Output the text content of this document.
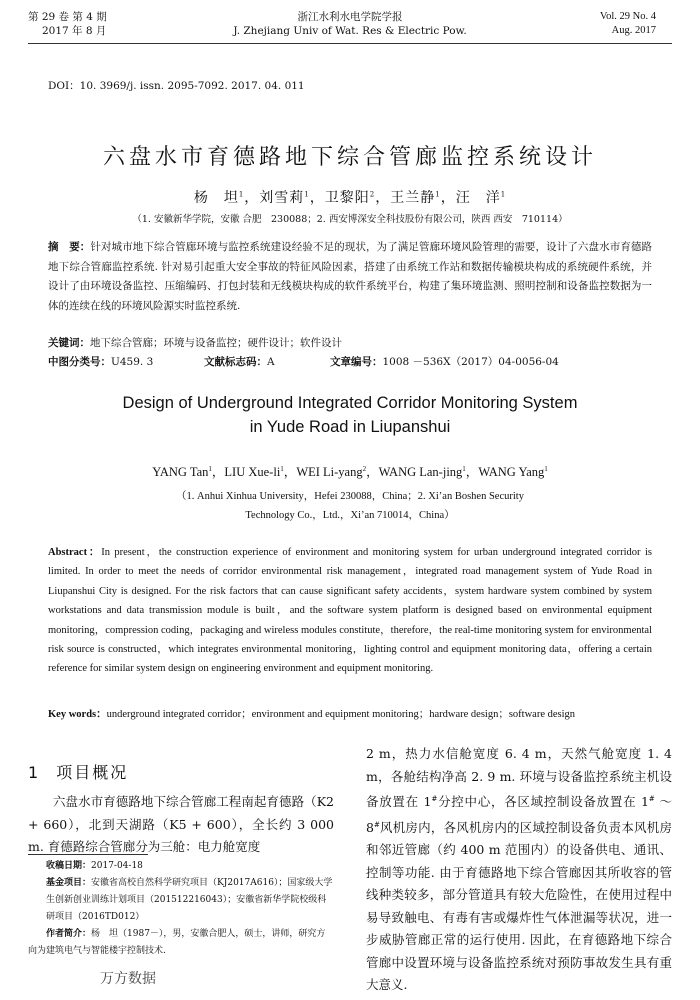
第 29 卷 第 4 期
2017 年 8 月
浙江水利水电学院学报
J. Zhejiang Univ of Wat. Res & Electric Pow.
Vol. 29 No. 4
Aug. 2017
DOI：10. 3969/j. issn. 2095-7092. 2017. 04. 011
六盘水市育德路地下综合管廊监控系统设计
杨　坦$^1$，刘雪莉$^1$，卫黎阳$^2$，王兰静$^1$，汪　洋$^1$
（1. 安徽新华学院，安徽 合肥　230088；2. 西安博深安全科技股份有限公司，陕西 西安　710114）
摘　要：针对城市地下综合管廊环境与监控系统建设经验不足的现状，为了满足管廊环境风险管理的需要，设计了六盘水市育德路地下综合管廊监控系统. 针对易引起重大安全事故的特征风险因素，搭建了由系统工作站和数据传输模块构成的系统硬件系统，并设计了由环境设备监控、压缩编码、打包封装和无线模块构成的软件系统平台，构建了集环境监测、照明控制和设备监控数据为一体的连续在线的环境风险源实时监控系统.
关键词：地下综合管廊；环境与设备监控；硬件设计；软件设计
中图分类号：U459. 3	文献标志码：A	文章编号：1008 －536X（2017）04-0056-04
Design of Underground Integrated Corridor Monitoring System
in Yude Road in Liupanshui
YANG Tan$^1$，LIU Xue-$li^1$，WEI Li-yang$^2$，WANG Lan-jing$^1$，WANG Yang$^1$
（1. Anhui Xinhua University，Hefei 230088，China；2. Xi’an Boshen Security
Technology Co.，Ltd.，Xi’an 710014，China）
Abstract：In present，the construction experience of environment and monitoring system for urban underground integrated corridor is limited. In order to meet the needs of corridor environmental risk management，integrated road management system of Yude Road in Liupanshui City is designed. For the risk factors that can cause significant safety accidents，system hardware system combined by system workstations and data transmission module is built，and the software system platform is designed based on environmental equipment monitoring，compression coding，packaging and wireless modules constitute，therefore，the real-time monitoring system for environmental risk source is constructed，which integrates environmental monitoring，lighting control and equipment monitoring data，offering a certain reference for similar system design on engineering environment and equipment monitoring.
Key words：underground integrated corridor；environment and equipment monitoring；hardware design；software design
1 项目概况
六盘水市育德路地下综合管廊工程南起育德路（K2 + 660），北到天湖路（K5 + 600），全长约 3 000 m. 育德路综合管廊分为三舱：电力舱宽度

收稿日期：2017-04-18

基金项目：安徽省高校自然科学研究项目（KJ2017A616）；国家级大学生创新创业训练计划项目（201512216043）；安徽省新华学院校级科研项目（2016TD012）

作者简介：杨　坦（1987－），男，安徽合肥人，硕士，讲师，研究方向为建筑电气与智能楼宇控制技术.

2 m，热力水信舱宽度 6. 4 m，天然气舱宽度 1. 4 m，各舱结构净高 2. 9 m. 环境与设备监控系统主机设备放置在 1#分控中心，各区域控制设备放置在 1# ～ 8#风机房内，各风机房内的区域控制设备负责本风机房和邻近管廊（约 400 m 范围内）的设备供电、通讯、控制等功能. 由于育德路地下综合管廊因其所收容的管线种类较多，部分管道具有较大危险性，在使用过程中易导致触电、有毒有害或爆炸性气体泄漏等状况，进一步威胁管廊正常的运行使用. 因此，在育德路地下综合管廊中设置环境与设备监控系统对预防事故发生具有重大意义.
万方数据
